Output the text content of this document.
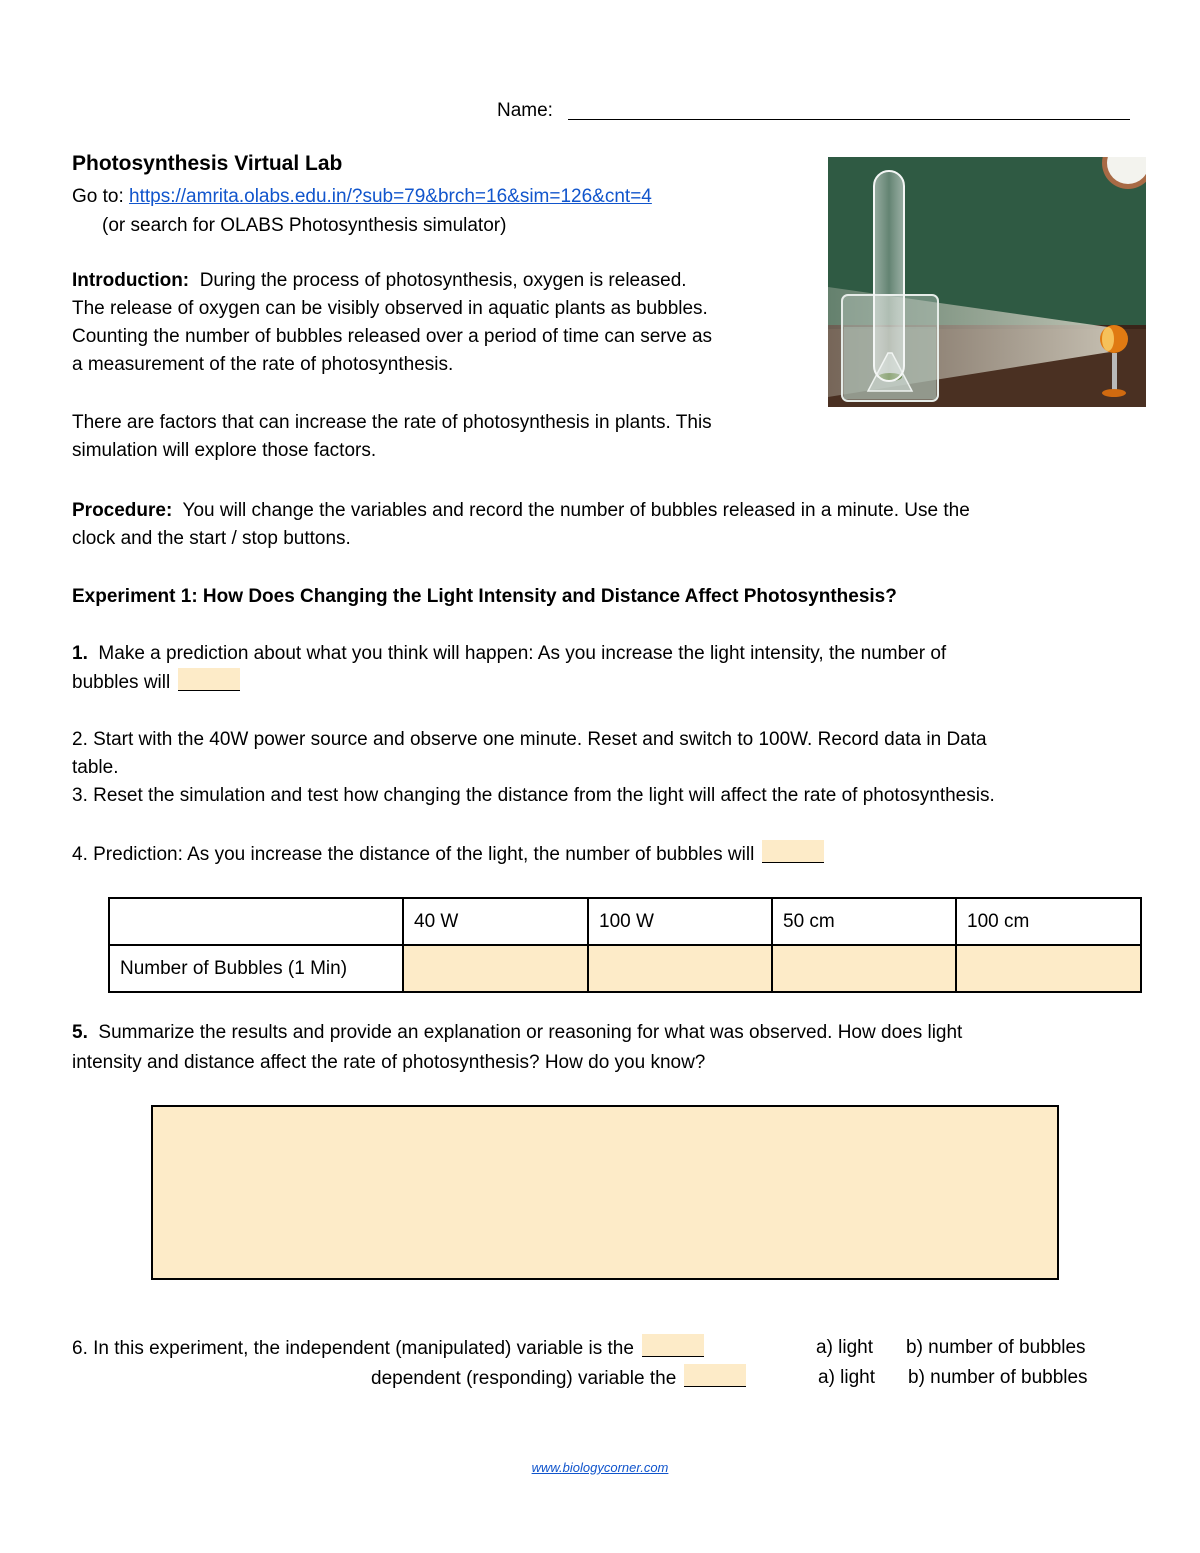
Name:
Photosynthesis Virtual Lab
Go to: https://amrita.olabs.edu.in/?sub=79&brch=16&sim=126&cnt=4
(or search for OLABS Photosynthesis simulator)
Introduction: During the process of photosynthesis, oxygen is released.
The release of oxygen can be visibly observed in aquatic plants as bubbles.
Counting the number of bubbles released over a period of time can serve as
a measurement of the rate of photosynthesis.
There are factors that can increase the rate of photosynthesis in plants. This
simulation will explore those factors.
Procedure: You will change the variables and record the number of bubbles released in a minute. Use the
clock and the start / stop buttons.
Experiment 1: How Does Changing the Light Intensity and Distance Affect Photosynthesis?
1. Make a prediction about what you think will happen: As you increase the light intensity, the number of
bubbles will
2. Start with the 40W power source and observe one minute. Reset and switch to 100W. Record data in Data
table.
3. Reset the simulation and test how changing the distance from the light will affect the rate of photosynthesis.
4. Prediction: As you increase the distance of the light, the number of bubbles will
	40 W	100 W	50 cm	100 cm
Number of Bubbles (1 Min)				
5. Summarize the results and provide an explanation or reasoning for what was observed. How does light
intensity and distance affect the rate of photosynthesis? How do you know?
6. In this experiment, the independent (manipulated) variable is the	a) light b) number of bubbles
dependent (responding) variable the	a) light b) number of bubbles
www.biologycorner.com
